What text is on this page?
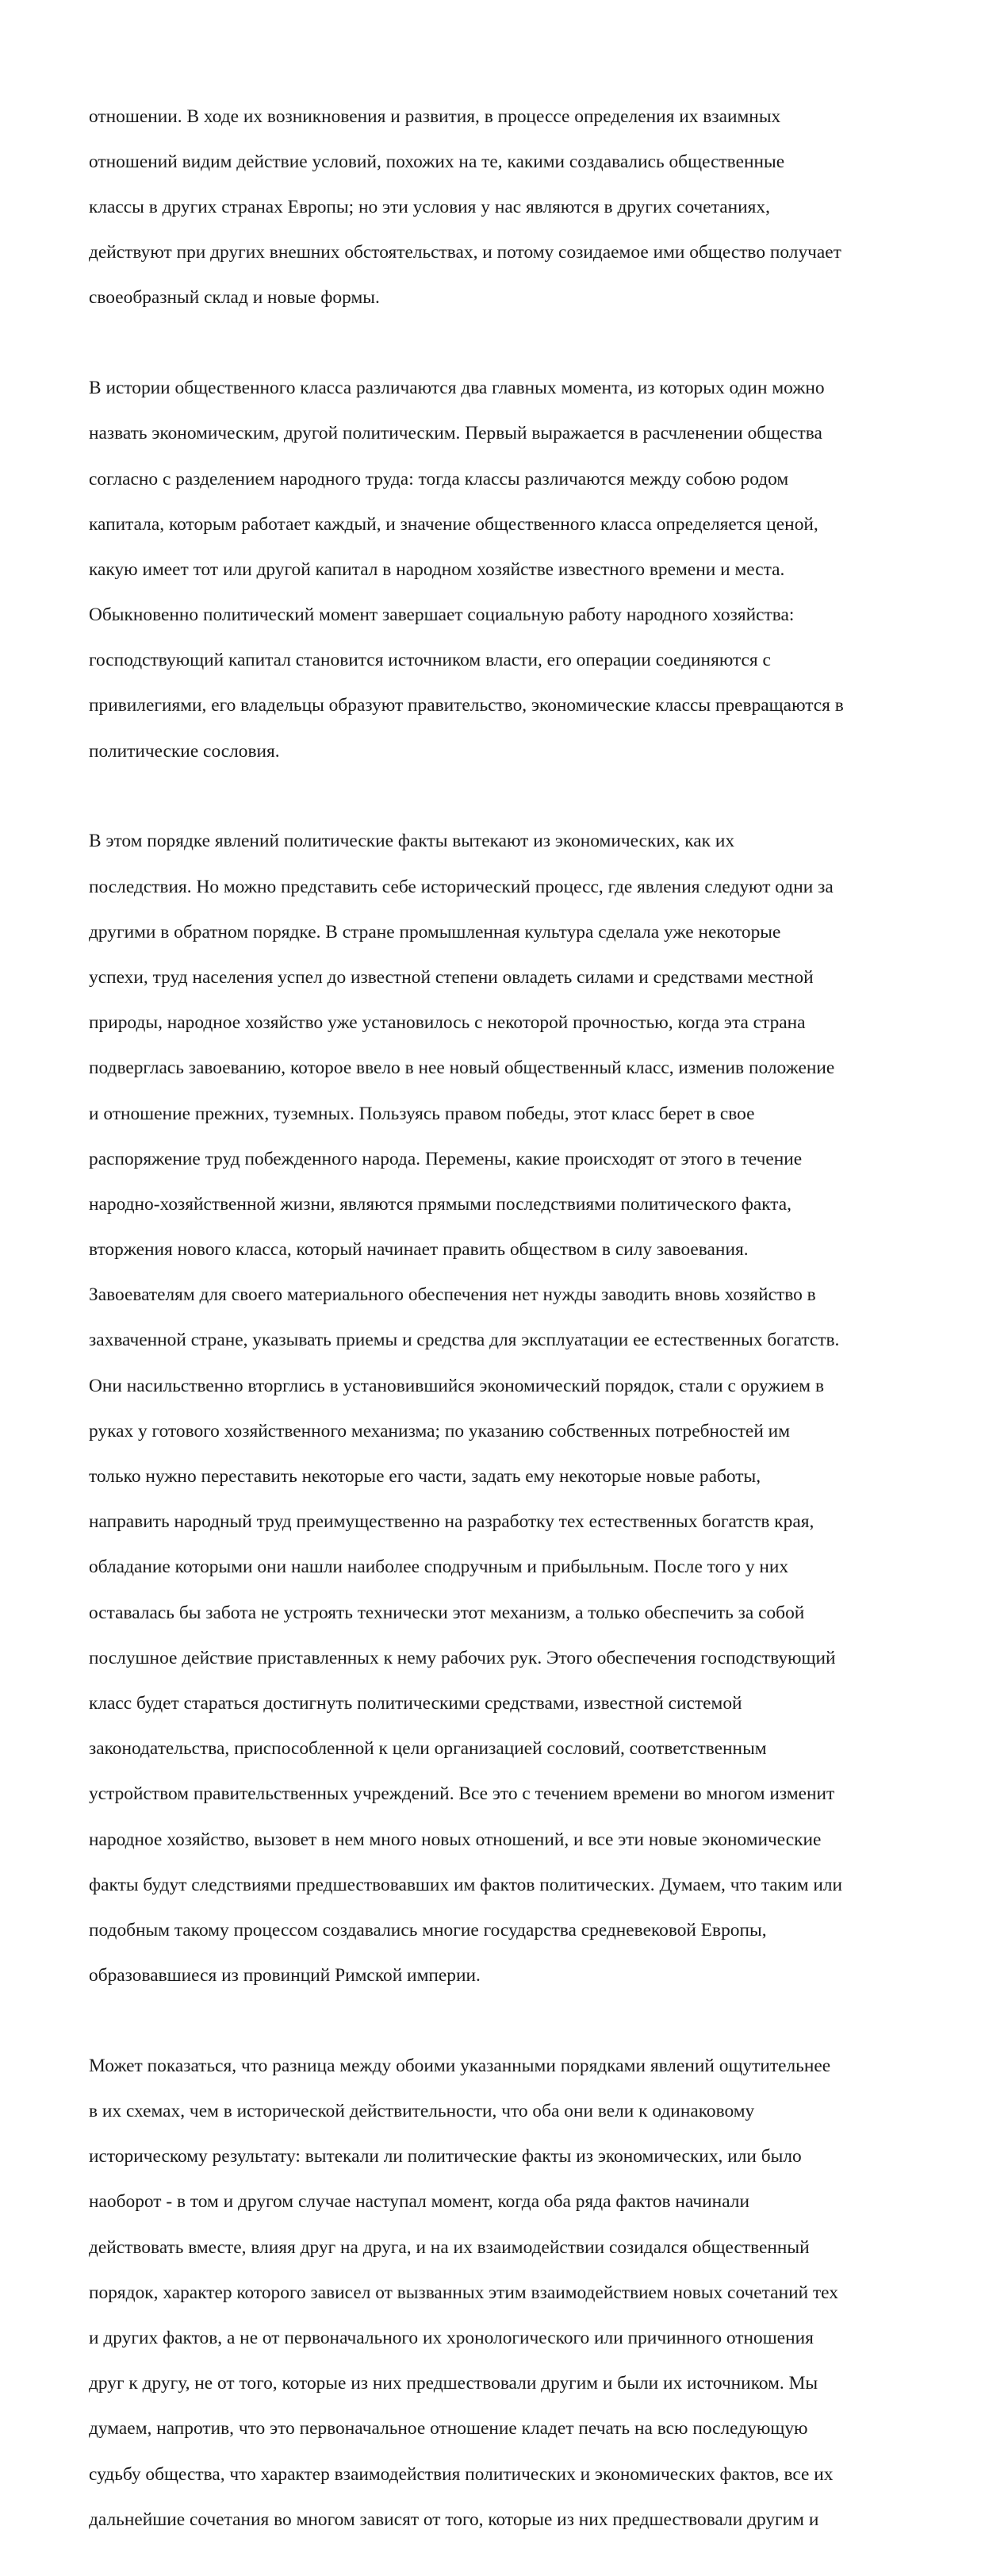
отношении. В ходе их возникновения и развития, в процессе определения их взаимных

отношений видим действие условий, похожих на те, какими создавались общественные

классы в других странах Европы; но эти условия у нас являются в других сочетаниях,

действуют при других внешних обстоятельствах, и потому созидаемое ими общество получает

своеобразный склад и новые формы.

В истории общественного класса различаются два главных момента, из которых один можно

назвать экономическим, другой политическим. Первый выражается в расчленении общества

согласно с разделением народного труда: тогда классы различаются между собою родом

капитала, которым работает каждый, и значение общественного класса определяется ценой,

какую имеет тот или другой капитал в народном хозяйстве известного времени и места.

Обыкновенно политический момент завершает социальную работу народного хозяйства:

господствующий капитал становится источником власти, его операции соединяются с

привилегиями, его владельцы образуют правительство, экономические классы превращаются в

политические сословия.

В этом порядке явлений политические факты вытекают из экономических, как их

последствия. Но можно представить себе исторический процесс, где явления следуют одни за

другими в обратном порядке. В стране промышленная культура сделала уже некоторые

успехи, труд населения успел до известной степени овладеть силами и средствами местной

природы, народное хозяйство уже установилось с некоторой прочностью, когда эта страна

подверглась завоеванию, которое ввело в нее новый общественный класс, изменив положение

и отношение прежних, туземных. Пользуясь правом победы, этот класс берет в свое

распоряжение труд побежденного народа. Перемены, какие происходят от этого в течение

народно-хозяйственной жизни, являются прямыми последствиями политического факта,

вторжения нового класса, который начинает править обществом в силу завоевания.

Завоевателям для своего материального обеспечения нет нужды заводить вновь хозяйство в

захваченной стране, указывать приемы и средства для эксплуатации ее естественных богатств.

Они насильственно вторглись в установившийся экономический порядок, стали с оружием в

руках у готового хозяйственного механизма; по указанию собственных потребностей им

только нужно переставить некоторые его части, задать ему некоторые новые работы,

направить народный труд преимущественно на разработку тех естественных богатств края,

обладание которыми они нашли наиболее сподручным и прибыльным. После того у них

оставалась бы забота не устроять технически этот механизм, а только обеспечить за собой

послушное действие приставленных к нему рабочих рук. Этого обеспечения господствующий

класс будет стараться достигнуть политическими средствами, известной системой

законодательства, приспособленной к цели организацией сословий, соответственным

устройством правительственных учреждений. Все это с течением времени во многом изменит

народное хозяйство, вызовет в нем много новых отношений, и все эти новые экономические

факты будут следствиями предшествовавших им фактов политических. Думаем, что таким или

подобным такому процессом создавались многие государства средневековой Европы,

образовавшиеся из провинций Римской империи.

Может показаться, что разница между обоими указанными порядками явлений ощутительнее

в их схемах, чем в исторической действительности, что оба они вели к одинаковому

историческому результату: вытекали ли политические факты из экономических, или было

наоборот - в том и другом случае наступал момент, когда оба ряда фактов начинали

действовать вместе, влияя друг на друга, и на их взаимодействии созидался общественный

порядок, характер которого зависел от вызванных этим взаимодействием новых сочетаний тех

и других фактов, а не от первоначального их хронологического или причинного отношения

друг к другу, не от того, которые из них предшествовали другим и были их источником. Мы

думаем, напротив, что это первоначальное отношение кладет печать на всю последующую

судьбу общества, что характер взаимодействия политических и экономических фактов, все их

дальнейшие сочетания во многом зависят от того, которые из них предшествовали другим и
